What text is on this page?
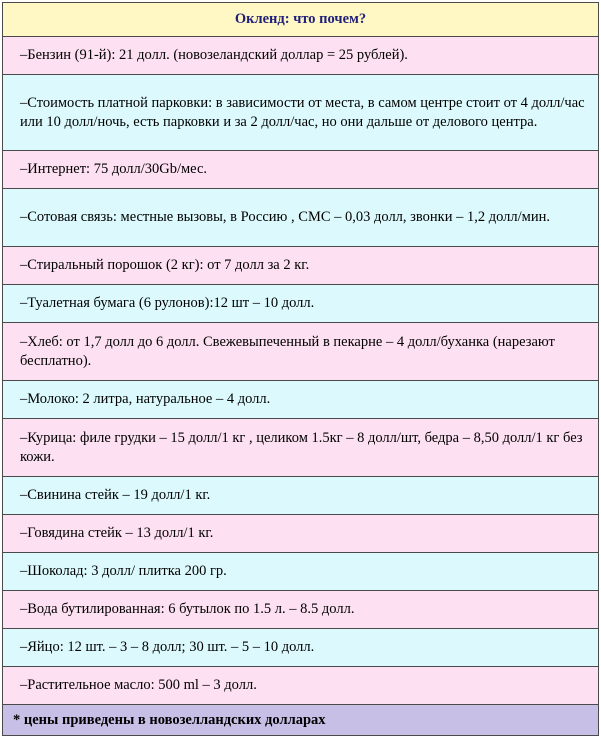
Окленд: что почем?
–Бензин (91-й): 21 долл. (новозеландский доллар = 25 рублей).
–Стоимость платной парковки: в зависимости от места, в самом центре стоит от 4 долл/час или 10 долл/ночь, есть парковки и за 2 долл/час, но они дальше от делового центра.
–Интернет: 75 долл/30Gb/мес.
–Сотовая связь: местные вызовы, в Россию , СМС – 0,03 долл, звонки – 1,2 долл/мин.
–Стиральный порошок (2 кг): от 7 долл за 2 кг.
–Туалетная бумага (6 рулонов):12 шт – 10 долл.
–Хлеб: от 1,7 долл до 6 долл. Свежевыпеченный в пекарне – 4 долл/буханка (нарезают бесплатно).
–Молоко: 2 литра, натуральное – 4 долл.
–Курица: филе грудки – 15 долл/1 кг , целиком 1.5кг – 8 долл/шт, бедра – 8,50 долл/1 кг без кожи.
–Свинина стейк – 19 долл/1 кг.
–Говядина стейк – 13 долл/1 кг.
–Шоколад: 3 долл/ плитка 200 гр.
–Вода бутилированная: 6 бутылок по 1.5 л. – 8.5 долл.
–Яйцо: 12 шт. – 3 – 8 долл; 30 шт. – 5 – 10 долл.
–Растительное масло: 500 ml – 3 долл.
* цены приведены в новозелландских долларах
